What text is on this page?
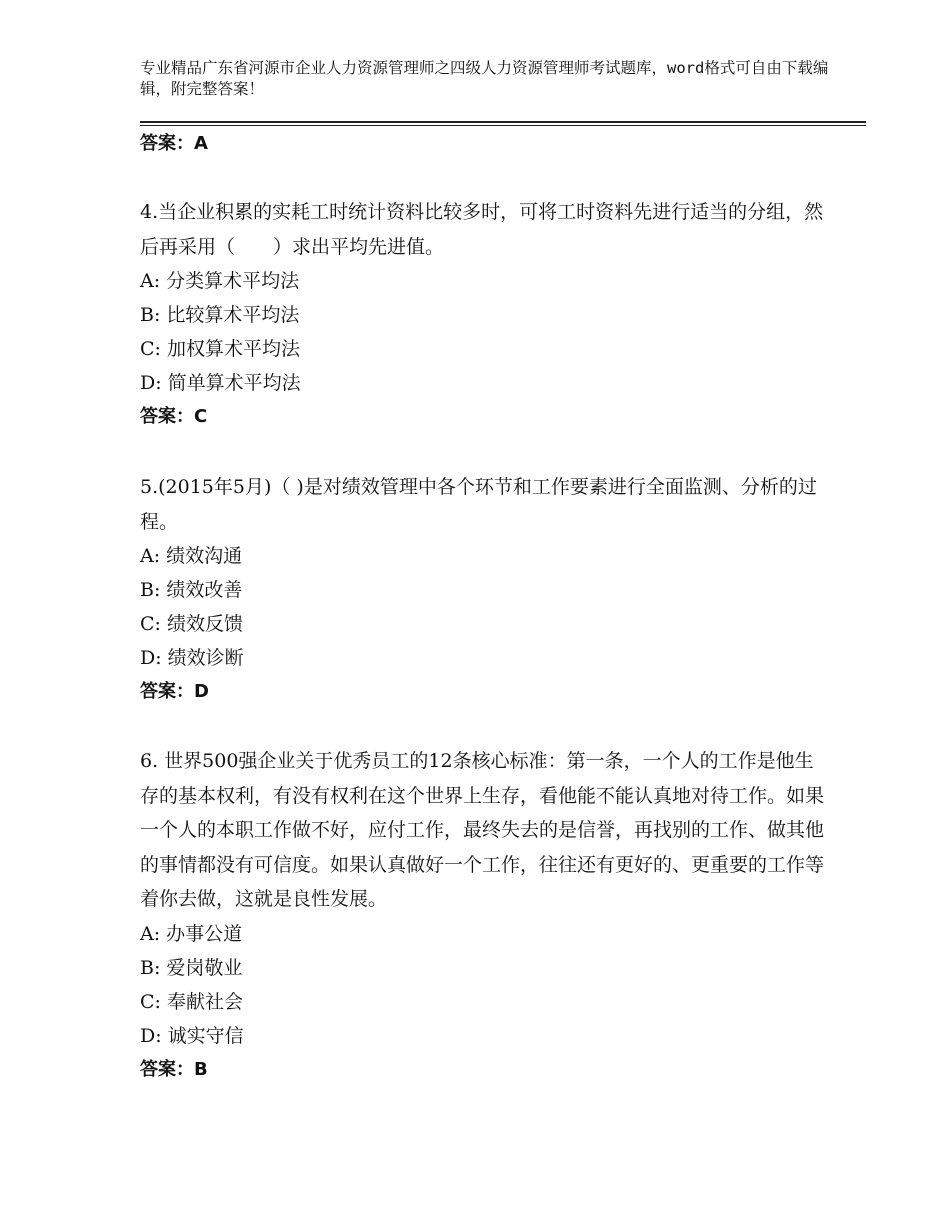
专业精品广东省河源市企业人力资源管理师之四级人力资源管理师考试题库，word格式可自由下载编辑，附完整答案！
答案：A
4.当企业积累的实耗工时统计资料比较多时，可将工时资料先进行适当的分组，然后再采用（　　）求出平均先进值。
A: 分类算术平均法
B: 比较算术平均法
C: 加权算术平均法
D: 简单算术平均法
答案：C
5.(2015年5月)（ )是对绩效管理中各个环节和工作要素进行全面监测、分析的过程。
A: 绩效沟通
B: 绩效改善
C: 绩效反馈
D: 绩效诊断
答案：D
6. 世界500强企业关于优秀员工的12条核心标准：第一条，一个人的工作是他生存的基本权利，有没有权利在这个世界上生存，看他能不能认真地对待工作。如果一个人的本职工作做不好，应付工作，最终失去的是信誉，再找别的工作、做其他的事情都没有可信度。如果认真做好一个工作，往往还有更好的、更重要的工作等着你去做，这就是良性发展。
A: 办事公道
B: 爱岗敬业
C: 奉献社会
D: 诚实守信
答案：B
